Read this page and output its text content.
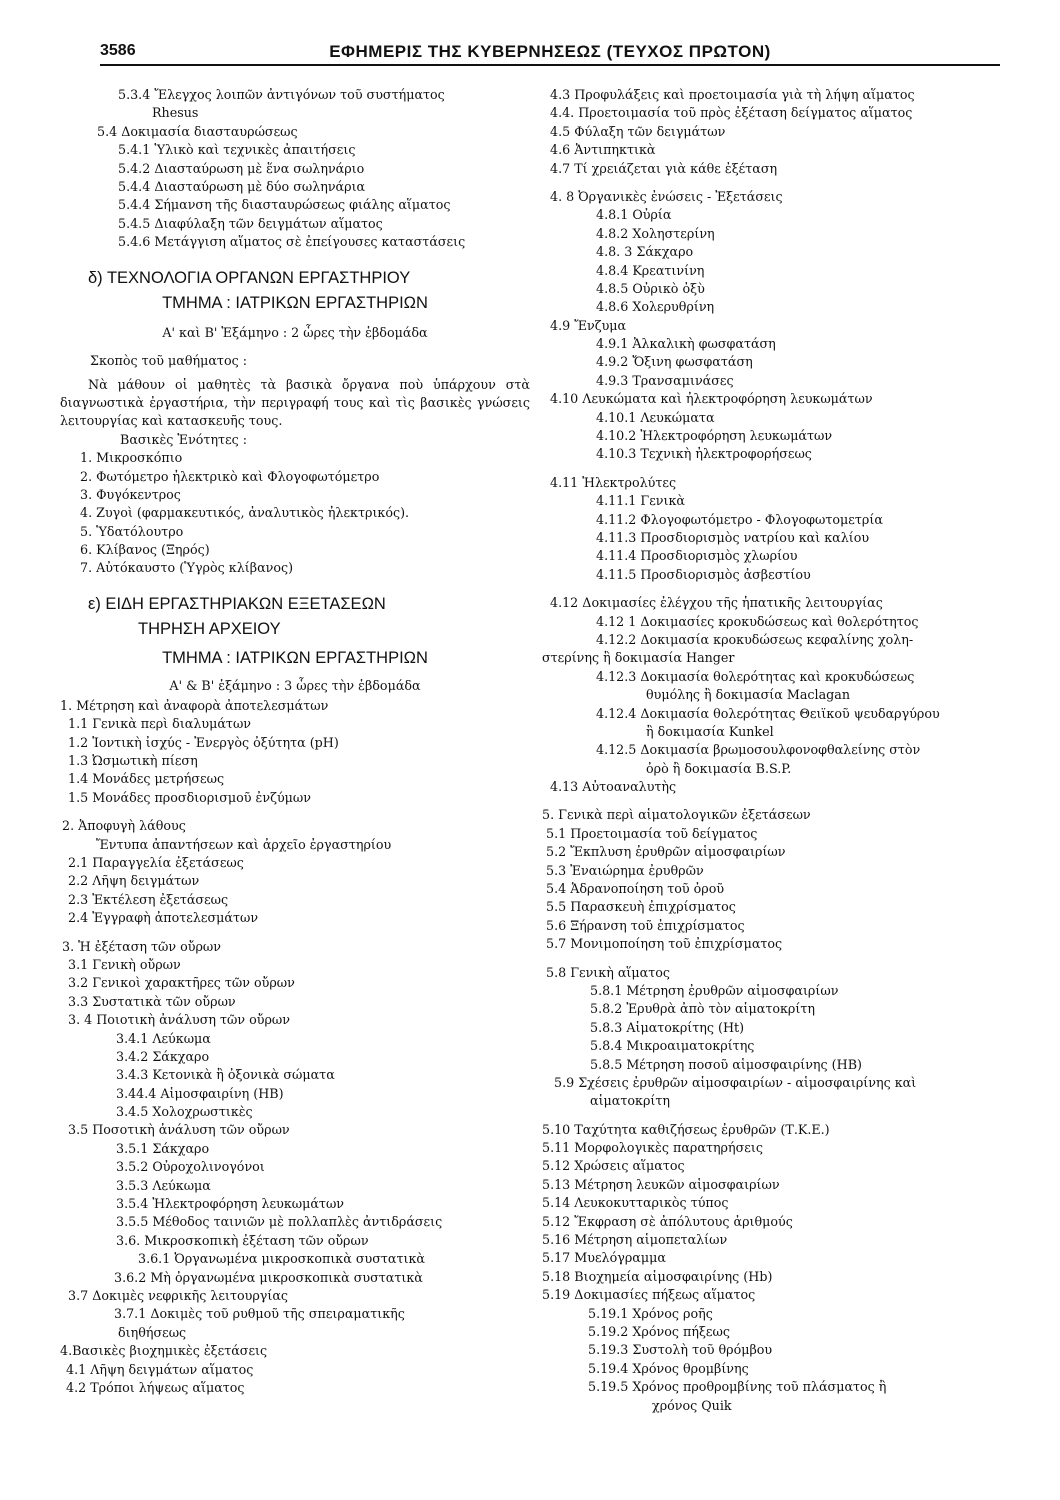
3586	ΕΦΗΜΕΡΙΣ ΤΗΣ ΚΥΒΕΡΝΗΣΕΩΣ (ΤΕΥΧΟΣ ΠΡΩΤΟΝ)
5.3.4 Ἔλεγχος λοιπῶν ἀντιγόνων τοῦ συστήματος
Rhesus
5.4 Δοκιμασία διασταυρώσεως
5.4.1 Ὑλικὸ καὶ τεχνικὲς ἀπαιτήσεις
5.4.2 Διασταύρωση μὲ ἕνα σωληνάριο
5.4.4 Διασταύρωση μὲ δύο σωληνάρια
5.4.4 Σήμανση τῆς διασταυρώσεως φιάλης αἵματος
5.4.5 Διαφύλαξη τῶν δειγμάτων αἵματος
5.4.6 Μετάγγιση αἵματος σὲ ἐπείγουσες καταστάσεις
δ) ΤΕΧΝΟΛΟΓΙΑ ΟΡΓΑΝΩΝ ΕΡΓΑΣΤΗΡΙΟΥ
ΤΜΗΜΑ : ΙΑΤΡΙΚΩΝ ΕΡΓΑΣΤΗΡΙΩΝ
Α' καὶ Β' Ἑξάμηνο : 2 ὧρες τὴν ἑβδομάδα
Σκοπὸς τοῦ μαθήματος :
Νὰ μάθουν οἱ μαθητὲς τὰ βασικὰ ὄργανα ποὺ ὑπάρχουν στὰ διαγνωστικὰ ἐργαστήρια, τὴν περιγραφή τους καὶ τὶς βασικὲς γνώσεις λειτουργίας καὶ κατασκευῆς τους.
Βασικὲς Ἑνότητες :
1. Μικροσκόπιο
2. Φωτόμετρο ἠλεκτρικὸ καὶ Φλογοφωτόμετρο
3. Φυγόκεντρος
4. Ζυγοὶ (φαρμακευτικός, ἀναλυτικὸς ἠλεκτρικός).
5. Ὑδατόλουτρο
6. Κλίβανος (Ξηρός)
7. Αὐτόκαυστο (Ὑγρὸς κλίβανος)
ε) ΕΙΔΗ ΕΡΓΑΣΤΗΡΙΑΚΩΝ ΕΞΕΤΑΣΕΩΝ
ΤΗΡΗΣΗ ΑΡΧΕΙΟΥ
ΤΜΗΜΑ : ΙΑΤΡΙΚΩΝ ΕΡΓΑΣΤΗΡΙΩΝ
Α' & Β' ἑξάμηνο : 3 ὧρες τὴν ἑβδομάδα
1. Μέτρηση καὶ ἀναφορὰ ἀποτελεσμάτων
1.1 Γενικὰ περὶ διαλυμάτων
1.2 Ἰοντικὴ ἰσχύς - Ἐνεργὸς ὀξύτητα (pH)
1.3 Ὠσμωτικὴ πίεση
1.4 Μονάδες μετρήσεως
1.5 Μονάδες προσδιορισμοῦ ἐνζύμων
2. Ἀποφυγὴ λάθους
Ἔντυπα ἀπαντήσεων καὶ ἀρχεῖο ἐργαστηρίου
2.1 Παραγγελία ἐξετάσεως
2.2 Λῆψη δειγμάτων
2.3 Ἐκτέλεση ἐξετάσεως
2.4 Ἐγγραφὴ ἀποτελεσμάτων
3. Ἡ ἐξέταση τῶν οὔρων
3.1 Γενικὴ οὔρων
3.2 Γενικοὶ χαρακτῆρες τῶν οὔρων
3.3 Συστατικὰ τῶν οὔρων
3. 4 Ποιοτικὴ ἀνάλυση τῶν οὔρων
3.4.1 Λεύκωμα
3.4.2 Σάκχαρο
3.4.3 Κετονικὰ ἢ ὀξονικὰ σώματα
3.44.4 Αἱμοσφαιρίνη (HB)
3.4.5 Χολοχρωστικὲς
3.5 Ποσοτικὴ ἀνάλυση τῶν οὔρων
3.5.1 Σάκχαρο
3.5.2 Οὐροχολινογόνοι
3.5.3 Λεύκωμα
3.5.4 Ἠλεκτροφόρηση λευκωμάτων
3.5.5 Μέθοδος ταινιῶν μὲ πολλαπλὲς ἀντιδράσεις
3.6. Μικροσκοπικὴ ἐξέταση τῶν οὔρων
3.6.1 Ὀργανωμένα μικροσκοπικὰ συστατικὰ
3.6.2 Μὴ ὀργανωμένα μικροσκοπικὰ συστατικὰ
3.7 Δοκιμὲς νεφρικῆς λειτουργίας
3.7.1 Δοκιμὲς τοῦ ρυθμοῦ τῆς σπειραματικῆς
διηθήσεως
4.Βασικὲς βιοχημικὲς ἐξετάσεις
4.1 Λῆψη δειγμάτων αἵματος
4.2 Τρόποι λήψεως αἵματος
4.3 Προφυλάξεις καὶ προετοιμασία γιὰ τὴ λήψη αἵματος
4.4. Προετοιμασία τοῦ πρὸς ἐξέταση δείγματος αἵματος
4.5 Φύλαξη τῶν δειγμάτων
4.6 Ἀντιπηκτικὰ
4.7 Τί χρειάζεται γιὰ κάθε ἐξέταση
4. 8 Ὀργανικὲς ἐνώσεις - Ἐξετάσεις
4.8.1 Οὐρία
4.8.2 Χοληστερίνη
4.8. 3 Σάκχαρο
4.8.4 Κρεατινίνη
4.8.5 Οὐρικὸ ὀξὺ
4.8.6 Χολερυθρίνη
4.9 Ἔνζυμα
4.9.1 Ἀλκαλικὴ φωσφατάση
4.9.2 Ὄξινη φωσφατάση
4.9.3 Τρανσαμινάσες
4.10 Λευκώματα καὶ ἠλεκτροφόρηση λευκωμάτων
4.10.1 Λευκώματα
4.10.2 Ἠλεκτροφόρηση λευκωμάτων
4.10.3 Τεχνικὴ ἠλεκτροφορήσεως
4.11 Ἠλεκτρολύτες
4.11.1 Γενικὰ
4.11.2 Φλογοφωτόμετρο - Φλογοφωτομετρία
4.11.3 Προσδιορισμὸς νατρίου καὶ καλίου
4.11.4 Προσδιορισμὸς χλωρίου
4.11.5 Προσδιορισμὸς ἀσβεστίου
4.12 Δοκιμασίες ἐλέγχου τῆς ἡπατικῆς λειτουργίας
4.12 1 Δοκιμασίες κροκυδώσεως καὶ θολερότητος
4.12.2 Δοκιμασία κροκυδώσεως κεφαλίνης χολη-
στερίνης ἢ δοκιμασία Hanger
4.12.3 Δοκιμασία θολερότητας καὶ κροκυδώσεως
θυμόλης ἢ δοκιμασία Maclagan
4.12.4 Δοκιμασία θολερότητας Θειϊκοῦ ψευδαργύρου
ἢ δοκιμασία Kunkel
4.12.5 Δοκιμασία βρωμοσουλφονοφθαλείνης στὸν
ὀρὸ ἢ δοκιμασία B.S.P.
4.13 Αὐτοαναλυτὴς
5. Γενικὰ περὶ αἱματολογικῶν ἐξετάσεων
5.1 Προετοιμασία τοῦ δείγματος
5.2 Ἔκπλυση ἐρυθρῶν αἱμοσφαιρίων
5.3 Ἐναιώρημα ἐρυθρῶν
5.4 Ἀδρανοποίηση τοῦ ὀροῦ
5.5 Παρασκευὴ ἐπιχρίσματος
5.6 Ξήρανση τοῦ ἐπιχρίσματος
5.7 Μονιμοποίηση τοῦ ἐπιχρίσματος
5.8 Γενικὴ αἵματος
5.8.1 Μέτρηση ἐρυθρῶν αἱμοσφαιρίων
5.8.2 Ἐρυθρὰ ἀπὸ τὸν αἱματοκρίτη
5.8.3 Αἱματοκρίτης (Ht)
5.8.4 Μικροαιματοκρίτης
5.8.5 Μέτρηση ποσοῦ αἱμοσφαιρίνης (HB)
5.9 Σχέσεις ἐρυθρῶν αἱμοσφαιρίων - αἱμοσφαιρίνης καὶ
αἱματοκρίτη
5.10 Ταχύτητα καθιζήσεως ἐρυθρῶν (Τ.Κ.Ε.)
5.11 Μορφολογικὲς παρατηρήσεις
5.12 Χρώσεις αἵματος
5.13 Μέτρηση λευκῶν αἱμοσφαιρίων
5.14 Λευκοκυτταρικὸς τύπος
5.12 Ἔκφραση σὲ ἀπόλυτους ἀριθμούς
5.16 Μέτρηση αἱμοπεταλίων
5.17 Μυελόγραμμα
5.18 Βιοχημεία αἱμοσφαιρίνης (Hb)
5.19 Δοκιμασίες πήξεως αἵματος
5.19.1 Χρόνος ροῆς
5.19.2 Χρόνος πήξεως
5.19.3 Συστολὴ τοῦ θρόμβου
5.19.4 Χρόνος θρομβίνης
5.19.5 Χρόνος προθρομβίνης τοῦ πλάσματος ἢ
χρόνος Quik
